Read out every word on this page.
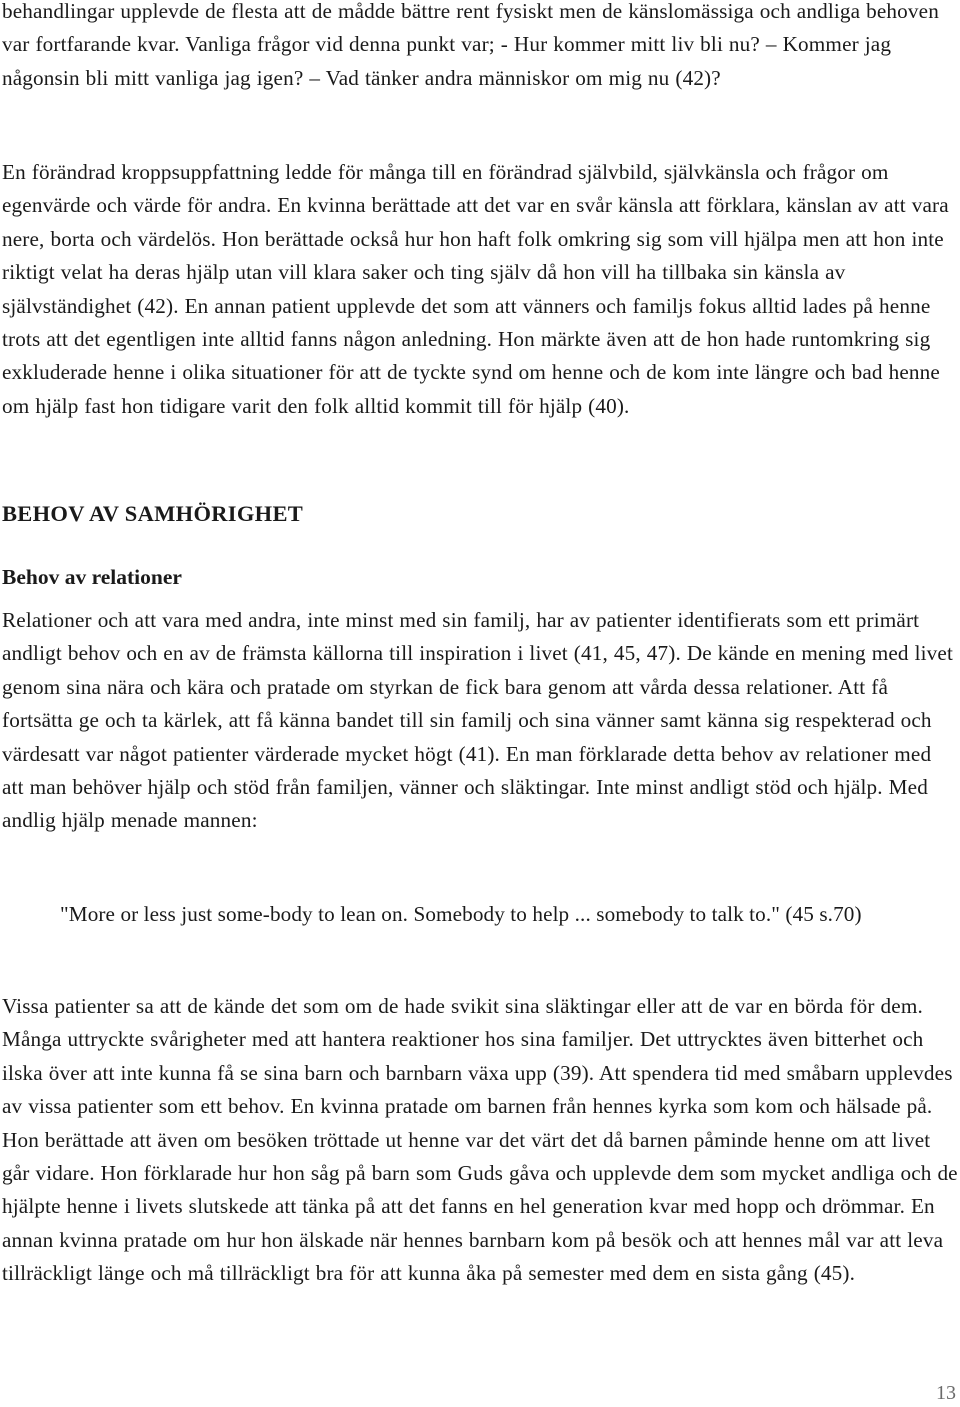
behandlingar upplevde de flesta att de mådde bättre rent fysiskt men de känslomässiga och andliga behoven var fortfarande kvar. Vanliga frågor vid denna punkt var; - Hur kommer mitt liv bli nu? – Kommer jag någonsin bli mitt vanliga jag igen? – Vad tänker andra människor om mig nu (42)?

En förändrad kroppsuppfattning ledde för många till en förändrad självbild, självkänsla och frågor om egenvärde och värde för andra. En kvinna berättade att det var en svår känsla att förklara, känslan av att vara nere, borta och värdelös. Hon berättade också hur hon haft folk omkring sig som vill hjälpa men att hon inte riktigt velat ha deras hjälp utan vill klara saker och ting själv då hon vill ha tillbaka sin känsla av självständighet (42). En annan patient upplevde det som att vänners och familjs fokus alltid lades på henne trots att det egentligen inte alltid fanns någon anledning. Hon märkte även att de hon hade runtomkring sig exkluderade henne i olika situationer för att de tyckte synd om henne och de kom inte längre och bad henne om hjälp fast hon tidigare varit den folk alltid kommit till för hjälp (40).

BEHOV AV SAMHÖRIGHET
Behov av relationer

Relationer och att vara med andra, inte minst med sin familj, har av patienter identifierats som ett primärt andligt behov och en av de främsta källorna till inspiration i livet (41, 45, 47). De kände en mening med livet genom sina nära och kära och pratade om styrkan de fick bara genom att vårda dessa relationer. Att få fortsätta ge och ta kärlek, att få känna bandet till sin familj och sina vänner samt känna sig respekterad och värdesatt var något patienter värderade mycket högt (41). En man förklarade detta behov av relationer med att man behöver hjälp och stöd från familjen, vänner och släktingar. Inte minst andligt stöd och hjälp. Med andlig hjälp menade mannen:

"More or less just some-body to lean on. Somebody to help ... somebody to talk to." (45 s.70)

Vissa patienter sa att de kände det som om de hade svikit sina släktingar eller att de var en börda för dem. Många uttryckte svårigheter med att hantera reaktioner hos sina familjer. Det uttrycktes även bitterhet och ilska över att inte kunna få se sina barn och barnbarn växa upp (39). Att spendera tid med småbarn upplevdes av vissa patienter som ett behov. En kvinna pratade om barnen från hennes kyrka som kom och hälsade på. Hon berättade att även om besöken tröttade ut henne var det värt det då barnen påminde henne om att livet går vidare. Hon förklarade hur hon såg på barn som Guds gåva och upplevde dem som mycket andliga och de hjälpte henne i livets slutskede att tänka på att det fanns en hel generation kvar med hopp och drömmar. En annan kvinna pratade om hur hon älskade när hennes barnbarn kom på besök och att hennes mål var att leva tillräckligt länge och må tillräckligt bra för att kunna åka på semester med dem en sista gång (45).

13
